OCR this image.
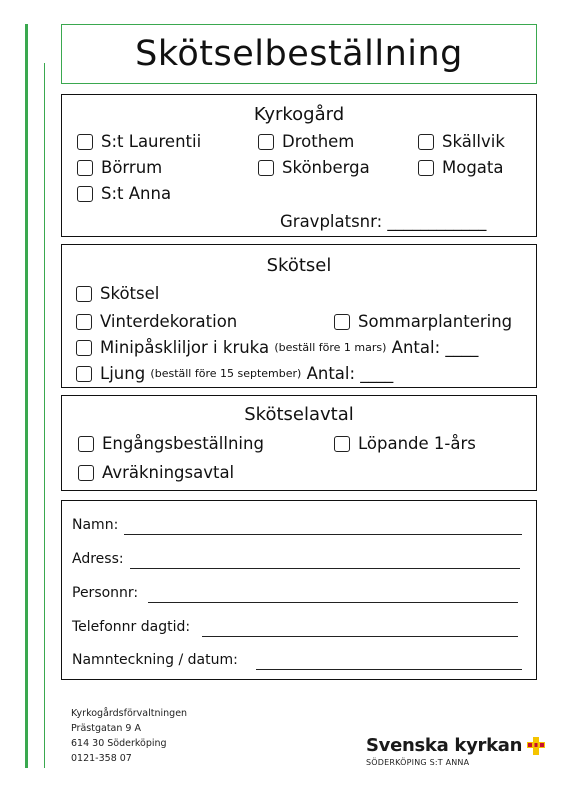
Skötselbeställning
Kyrkogård
S:t Laurentii	Drothem	Skällvik
Börrum	Skönberga	Mogata
S:t Anna
Gravplatsnr: ____________
Skötsel
Skötsel
Vinterdekoration	Sommarplantering
Minipåskliljor i kruka
(beställ före 1 mars)
Antal: ____
Ljung
(beställ före 15 september)
Antal: ____
Skötselavtal
Engångsbeställning	Löpande 1-års
Avräkningsavtal
Namn:
Adress:
Personnr:
Telefonnr dagtid:
Namnteckning / datum:
Kyrkogårdsförvaltningen
Prästgatan 9 A
614 30 Söderköping
0121-358 07
Svenska kyrkan
SÖDERKÖPING S:T ANNA
